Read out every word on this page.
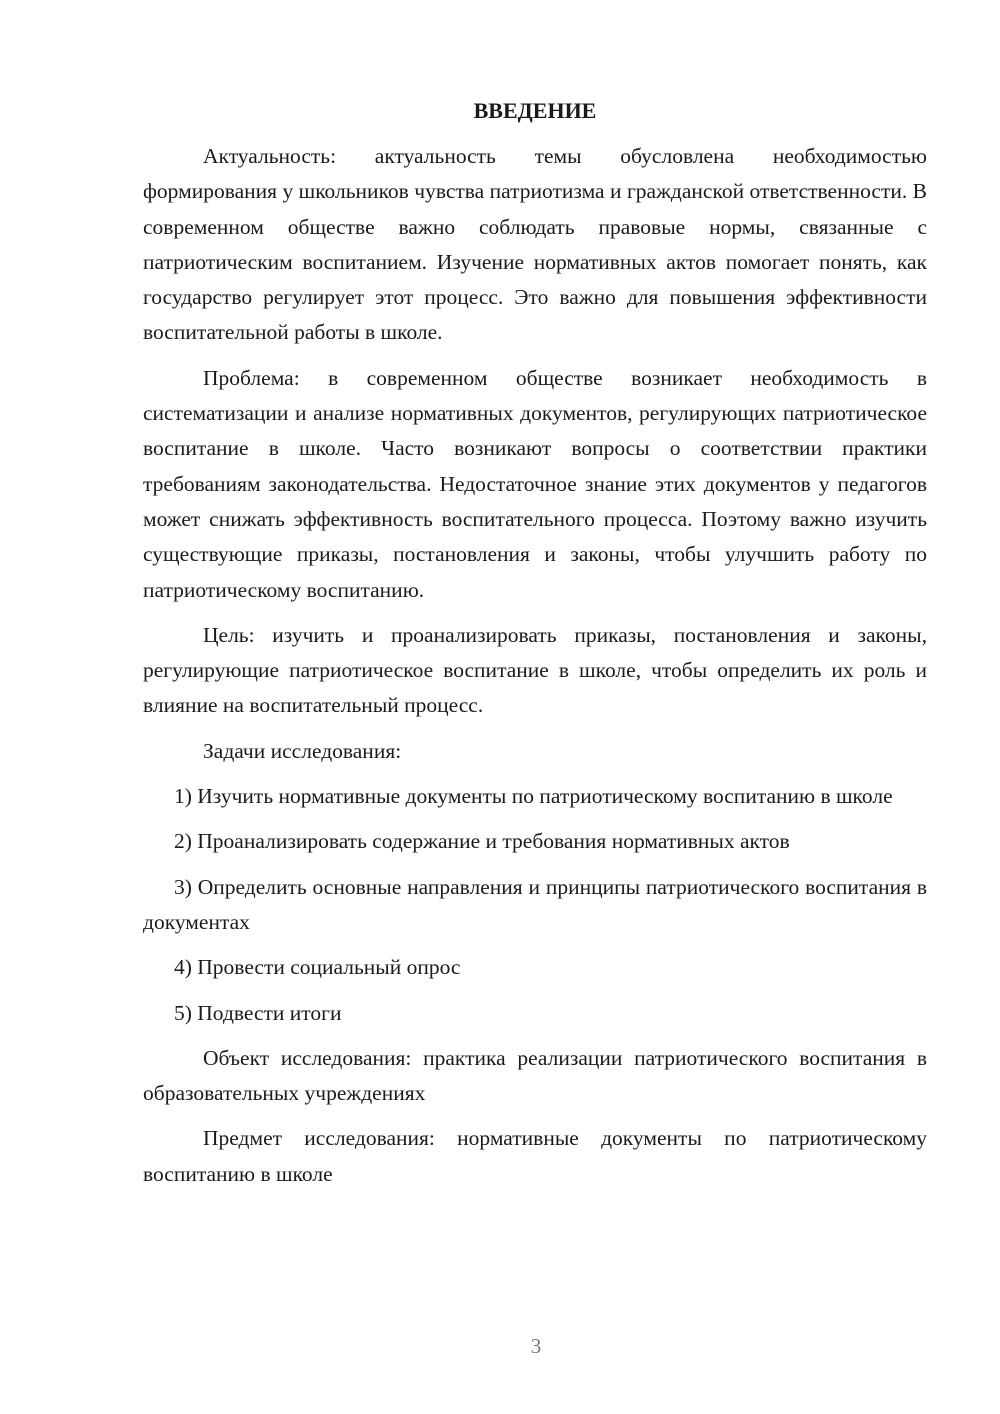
ВВЕДЕНИЕ

Актуальность: актуальность темы обусловлена необходимостью формирования у школьников чувства патриотизма и гражданской ответственности. В современном обществе важно соблюдать правовые нормы, связанные с патриотическим воспитанием. Изучение нормативных актов помогает понять, как государство регулирует этот процесс. Это важно для повышения эффективности воспитательной работы в школе.

Проблема: в современном обществе возникает необходимость в систематизации и анализе нормативных документов, регулирующих патриотическое воспитание в школе. Часто возникают вопросы о соответствии практики требованиям законодательства. Недостаточное знание этих документов у педагогов может снижать эффективность воспитательного процесса. Поэтому важно изучить существующие приказы, постановления и законы, чтобы улучшить работу по патриотическому воспитанию.

Цель: изучить и проанализировать приказы, постановления и законы, регулирующие патриотическое воспитание в школе, чтобы определить их роль и влияние на воспитательный процесс.

Задачи исследования:

1) Изучить нормативные документы по патриотическому воспитанию в школе

2) Проанализировать содержание и требования нормативных актов

3) Определить основные направления и принципы патриотического воспитания в документах

4) Провести социальный опрос

5) Подвести итоги

Объект исследования: практика реализации патриотического воспитания в образовательных учреждениях

Предмет исследования: нормативные документы по патриотическому воспитанию в школе

3
